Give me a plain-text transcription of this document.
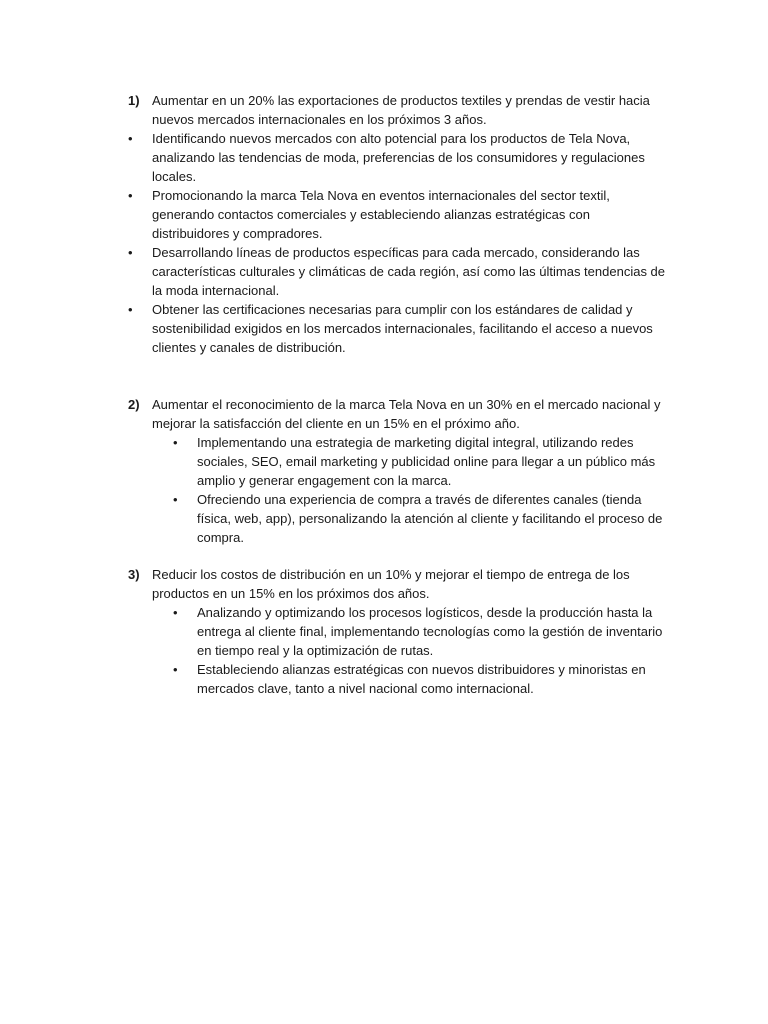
1) Aumentar en un 20% las exportaciones de productos textiles y prendas de vestir hacia nuevos mercados internacionales en los próximos 3 años.
•	Identificando nuevos mercados con alto potencial para los productos de Tela Nova, analizando las tendencias de moda, preferencias de los consumidores y regulaciones locales.
•	Promocionando la marca Tela Nova en eventos internacionales del sector textil, generando contactos comerciales y estableciendo alianzas estratégicas con distribuidores y compradores.
•	Desarrollando líneas de productos específicas para cada mercado, considerando las características culturales y climáticas de cada región, así como las últimas tendencias de la moda internacional.
•	Obtener las certificaciones necesarias para cumplir con los estándares de calidad y sostenibilidad exigidos en los mercados internacionales, facilitando el acceso a nuevos clientes y canales de distribución.
2) Aumentar el reconocimiento de la marca Tela Nova en un 30% en el mercado nacional y mejorar la satisfacción del cliente en un 15% en el próximo año.
•	Implementando una estrategia de marketing digital integral, utilizando redes sociales, SEO, email marketing y publicidad online para llegar a un público más amplio y generar engagement con la marca.
•	Ofreciendo una experiencia de compra a través de diferentes canales (tienda física, web, app), personalizando la atención al cliente y facilitando el proceso de compra.
3) Reducir los costos de distribución en un 10% y mejorar el tiempo de entrega de los productos en un 15% en los próximos dos años.
•	Analizando y optimizando los procesos logísticos, desde la producción hasta la entrega al cliente final, implementando tecnologías como la gestión de inventario en tiempo real y la optimización de rutas.
•	Estableciendo alianzas estratégicas con nuevos distribuidores y minoristas en mercados clave, tanto a nivel nacional como internacional.
